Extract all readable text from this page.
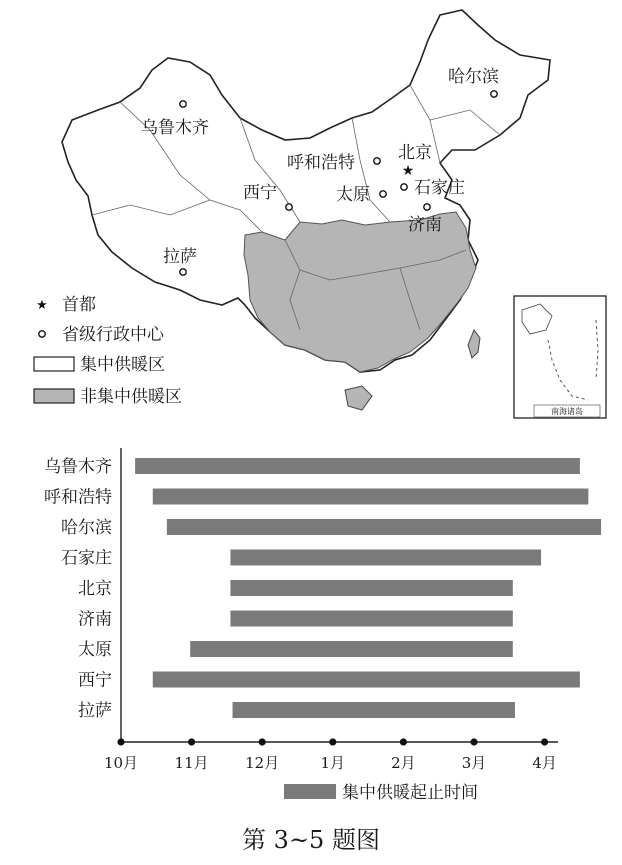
★
哈尔滨
乌鲁木齐
北京
呼和浩特
石家庄
太原
西宁
济南
拉萨
南海诸岛
★ 首都
省级行政中心
集中供暖区
非集中供暖区
乌鲁木齐
呼和浩特
哈尔滨
石家庄
北京
济南
太原
西宁
拉萨
10月 11月 12月	1月	2月	3月	4月
集中供暖起止时间
第 3~5 题图
